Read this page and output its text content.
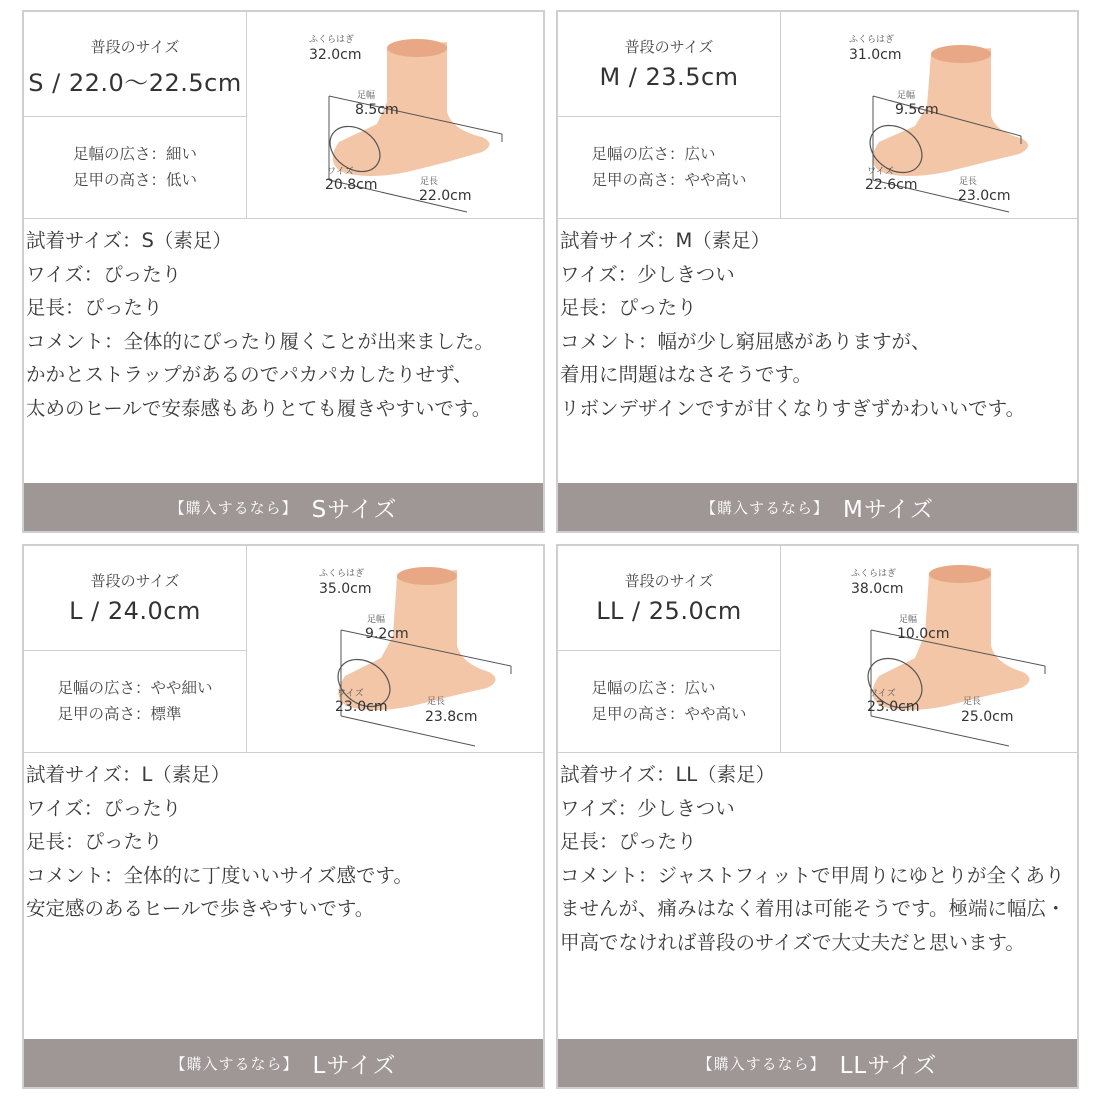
普段のサイズ
S / 22.0〜22.5cm
足幅の広さ：細い
足甲の高さ：低い
ふくらはぎ
32.0cm
足幅
8.5cm
ワイズ
20.8cm	足長
22.0cm
試着サイズ：S（素足）
ワイズ：ぴったり
足長：ぴったり
コメント：全体的にぴったり履くことが出来ました。
かかとストラップがあるのでパカパカしたりせず、
太めのヒールで安泰感もありとても履きやすいです。
【購入するなら】 Sサイズ
普段のサイズ
M / 23.5cm
足幅の広さ：広い
足甲の高さ：やや高い
ふくらはぎ
31.0cm
足幅
9.5cm
ワイズ
22.6cm	足長
23.0cm
試着サイズ：M（素足）
ワイズ：少しきつい
足長：ぴったり
コメント：幅が少し窮屈感がありますが、
着用に問題はなさそうです。
リボンデザインですが甘くなりすぎずかわいいです。
【購入するなら】 Mサイズ
普段のサイズ
L / 24.0cm
足幅の広さ：やや細い
足甲の高さ：標準
ふくらはぎ
35.0cm
足幅
9.2cm
ワイズ
23.0cm	足長
23.8cm
試着サイズ：L（素足）
ワイズ：ぴったり
足長：ぴったり
コメント：全体的に丁度いいサイズ感です。
安定感のあるヒールで歩きやすいです。
【購入するなら】 Lサイズ
普段のサイズ
LL / 25.0cm
足幅の広さ：広い
足甲の高さ：やや高い
ふくらはぎ
38.0cm
足幅
10.0cm
ワイズ
23.0cm	足長
25.0cm
試着サイズ：LL（素足）
ワイズ：少しきつい
足長：ぴったり
コメント：ジャストフィットで甲周りにゆとりが全くありませんが、痛みはなく着用は可能そうです。極端に幅広・甲高でなければ普段のサイズで大丈夫だと思います。
【購入するなら】 LLサイズ
